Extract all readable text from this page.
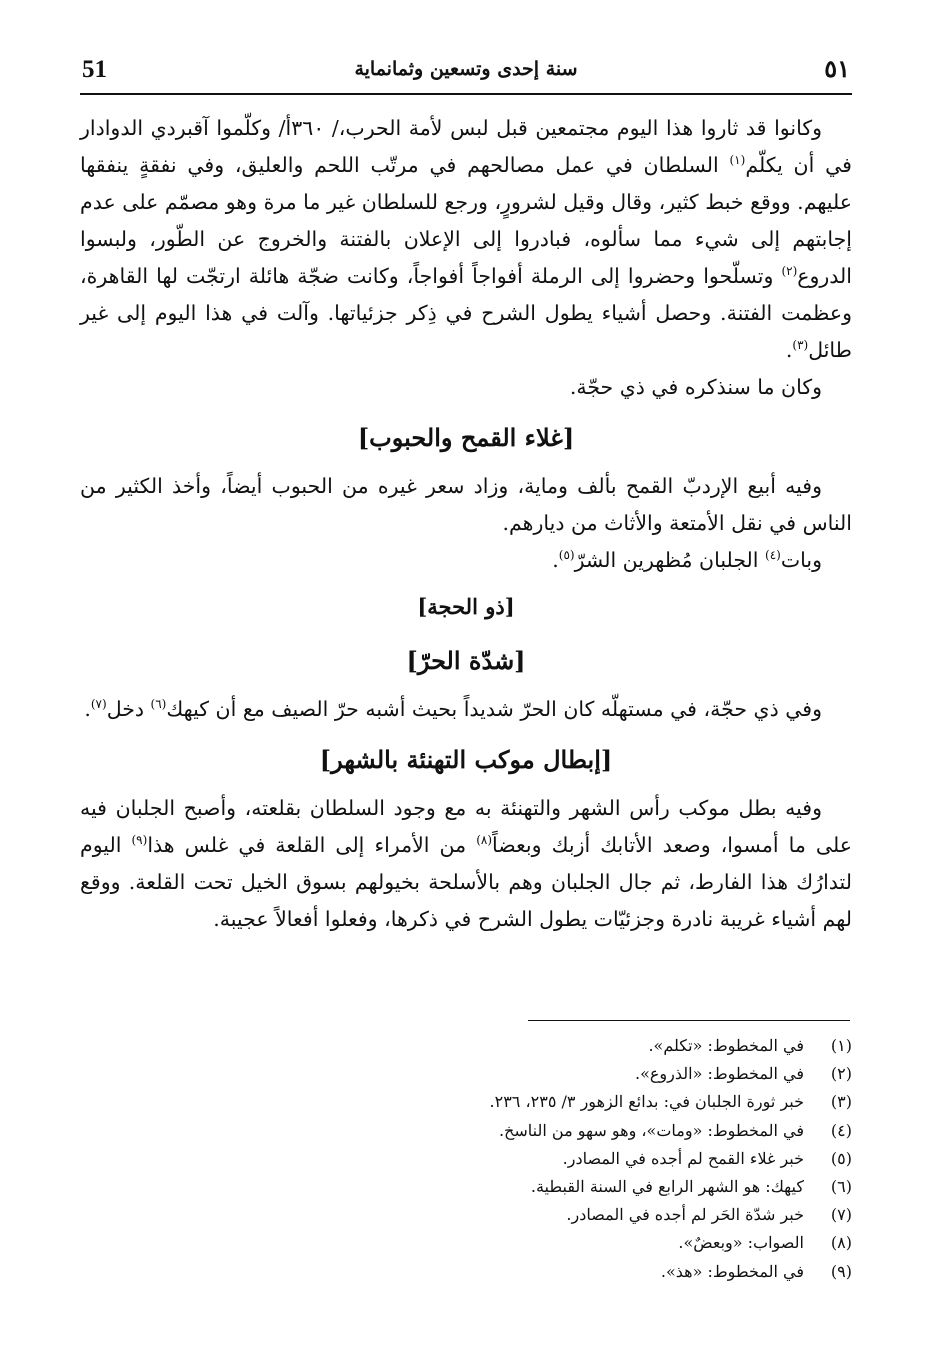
51	سنة إحدى وتسعين وثمانماية	٥١

وكانوا قد ثاروا هذا اليوم مجتمعين قبل لبس لأمة الحرب،/ ٣٦٠أ/ وكلّموا آقبردي الدوادار في أن يكلّم$^{(١)}$ السلطان في عمل مصالحهم في مرتّب اللحم والعليق، وفي نفقةٍ ينفقها عليهم. ووقع خبط كثير، وقال وقيل لشرورٍ، ورجع للسلطان غير ما مرة وهو مصمّم على عدم إجابتهم إلى شيء مما سألوه، فبادروا إلى الإعلان بالفتنة والخروج عن الطّور، ولبسوا الدروع$^{(٢)}$ وتسلّحوا وحضروا إلى الرملة أفواجاً أفواجاً، وكانت ضجّة هائلة ارتجّت لها القاهرة، وعظمت الفتنة. وحصل أشياء يطول الشرح في ذِكر جزئياتها. وآلت في هذا اليوم إلى غير طائل$^{(٣)}$.

وكان ما سنذكره في ذي حجّة.

[غلاء القمح والحبوب]

وفيه أبيع الإردبّ القمح بألف وماية، وزاد سعر غيره من الحبوب أيضاً، وأخذ الكثير من الناس في نقل الأمتعة والأثاث من ديارهم.

وبات$^{(٤)}$ الجلبان مُظهرين الشرّ$^{(٥)}$.

[ذو الحجة]
[شدّة الحرّ]

وفي ذي حجّة، في مستهلّه كان الحرّ شديداً بحيث أشبه حرّ الصيف مع أن كيهك$^{(٦)}$ دخل$^{(٧)}$.

[إبطال موكب التهنئة بالشهر]

وفيه بطل موكب رأس الشهر والتهنئة به مع وجود السلطان بقلعته، وأصبح الجلبان فيه على ما أمسوا، وصعد الأتابك أزبك وبعضاً$^{(٨)}$ من الأمراء إلى القلعة في غلس هذا$^{(٩)}$ اليوم لتدارُك هذا الفارط، ثم جال الجلبان وهم بالأسلحة بخيولهم بسوق الخيل تحت القلعة. ووقع لهم أشياء غريبة نادرة وجزئيّات يطول الشرح في ذكرها، وفعلوا أفعالاً عجيبة.

(١)في المخطوط: «تكلم».
(٢)في المخطوط: «الذروع».
(٣)خبر ثورة الجلبان في: بدائع الزهور ٣/ ٢٣٥، ٢٣٦.
(٤)في المخطوط: «ومات»، وهو سهو من الناسخ.
(٥)خبر غلاء القمح لم أجده في المصادر.
(٦)كيهك: هو الشهر الرابع في السنة القبطية.
(٧)خبر شدّة الحَر لم أجده في المصادر.
(٨)الصواب: «وبعضٌ».
(٩)في المخطوط: «هذ».
